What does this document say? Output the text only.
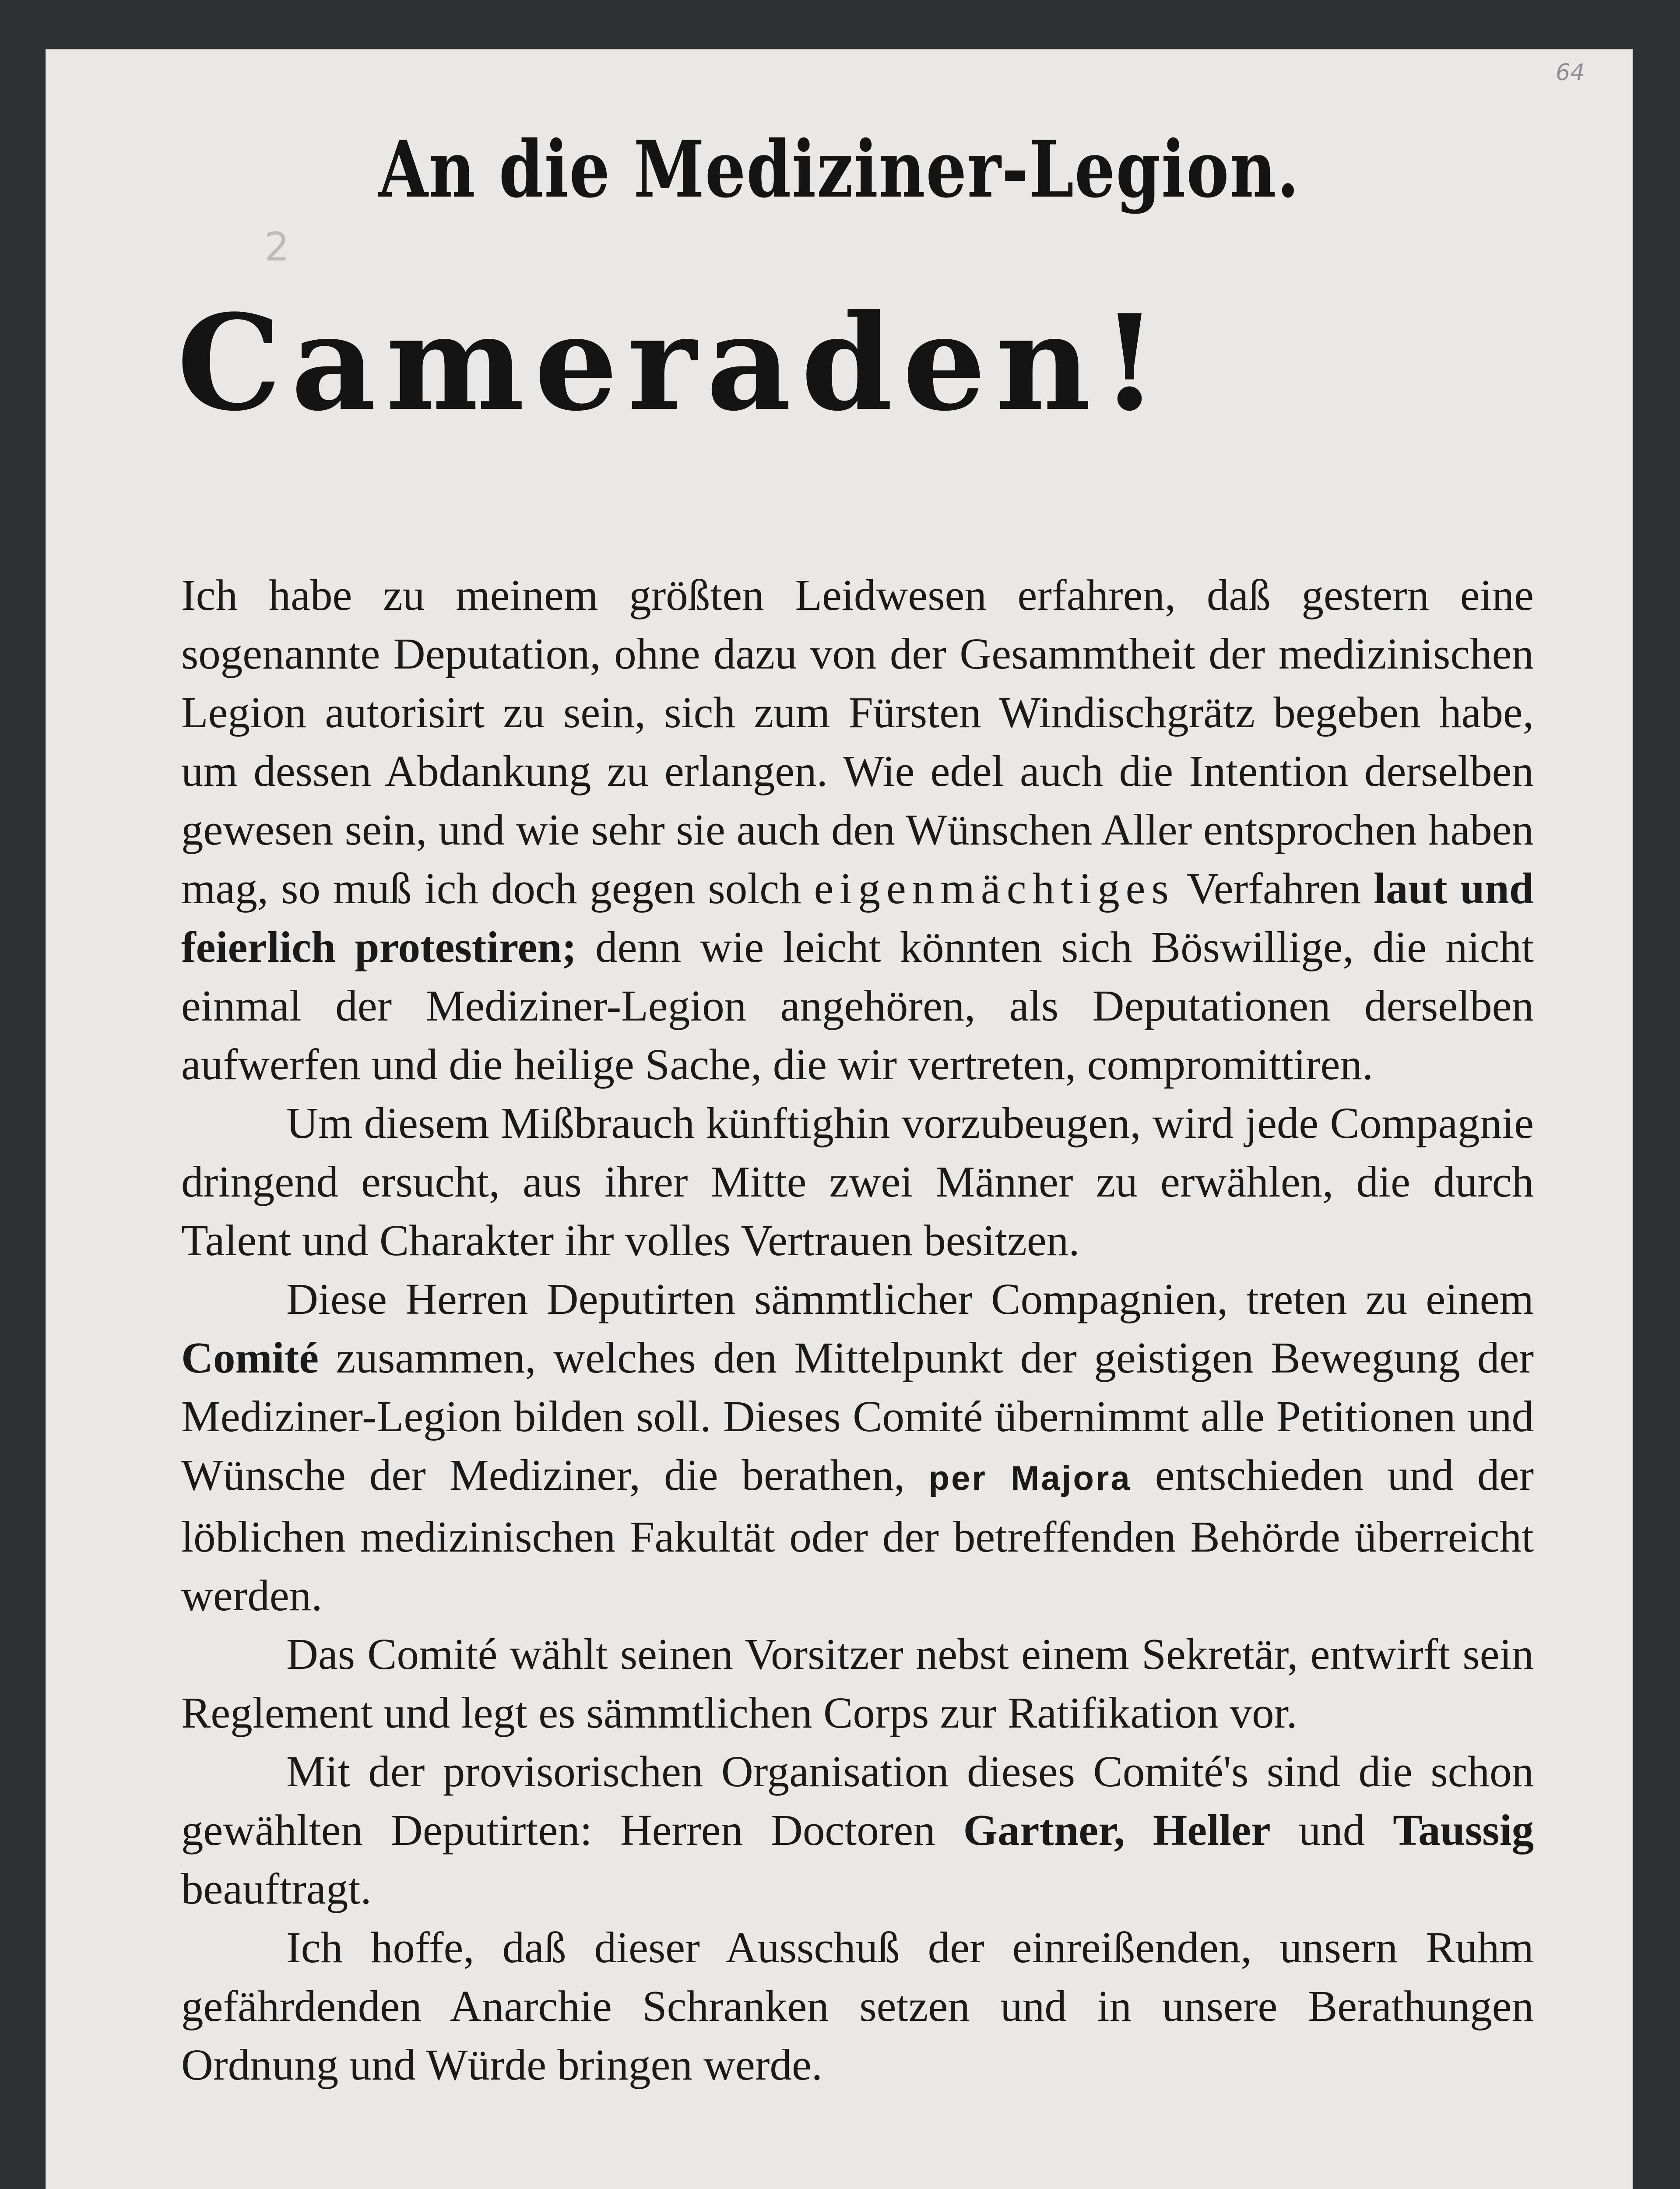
64
2
An die Mediziner-Legion.
Cameraden!

Ich habe zu meinem größten Leidwesen erfahren, daß gestern eine sogenannte Deputation, ohne dazu von der Gesammtheit der medizinischen Legion autorisirt zu sein, sich zum Fürsten Windischgrätz begeben habe, um dessen Abdankung zu erlangen. Wie edel auch die Intention derselben gewesen sein, und wie sehr sie auch den Wünschen Aller entsprochen haben mag, so muß ich doch gegen solch eigenmächtiges Verfahren laut und feierlich protestiren; denn wie leicht könnten sich Böswillige, die nicht einmal der Mediziner-Legion angehören, als Deputationen derselben aufwerfen und die heilige Sache, die wir vertreten, compromittiren.

Um diesem Mißbrauch künftighin vorzubeugen, wird jede Compagnie dringend ersucht, aus ihrer Mitte zwei Männer zu erwählen, die durch Talent und Charakter ihr volles Vertrauen besitzen.

Diese Herren Deputirten sämmtlicher Compagnien, treten zu einem Comité zusammen, welches den Mittelpunkt der geistigen Bewegung der Mediziner-Legion bilden soll. Dieses Comité übernimmt alle Petitionen und Wünsche der Mediziner, die berathen, per Majora entschieden und der löblichen medizinischen Fakultät oder der betreffenden Behörde überreicht werden.

Das Comité wählt seinen Vorsitzer nebst einem Sekretär, entwirft sein Reglement und legt es sämmtlichen Corps zur Ratifikation vor.

Mit der provisorischen Organisation dieses Comité's sind die schon gewählten Deputirten: Herren Doctoren Gartner, Heller und Taussig beauftragt.

Ich hoffe, daß dieser Ausschuß der einreißenden, unsern Ruhm gefährdenden Anarchie Schranken setzen und in unsere Berathungen Ordnung und Würde bringen werde.
